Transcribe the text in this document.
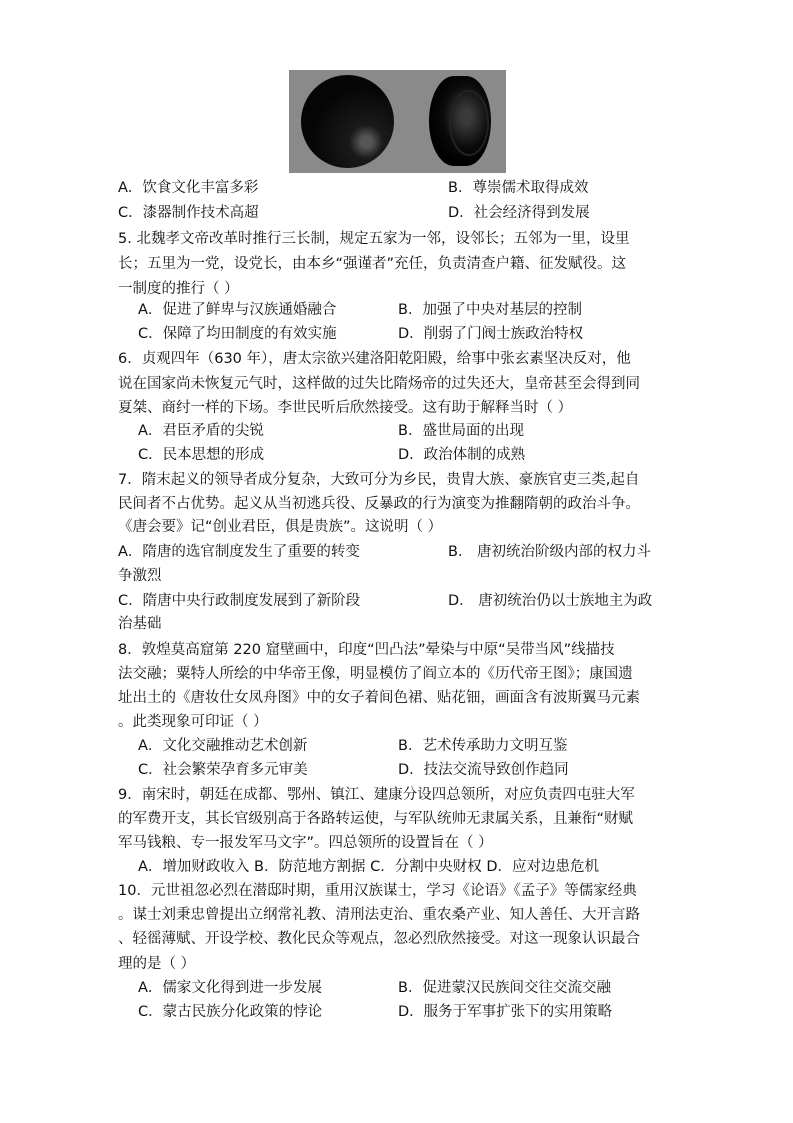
A．饮食文化丰富多彩	B．尊崇儒术取得成效
C．漆器制作技术高超	D．社会经济得到发展
5. 北魏孝文帝改革时推行三长制，规定五家为一邻，设邻长；五邻为一里，设里
长；五里为一党，设党长，由本乡“强谨者”充任，负责清查户籍、征发赋役。这
一制度的推行（ ）
A．促进了鲜卑与汉族通婚融合	B．加强了中央对基层的控制
C．保障了均田制度的有效实施	D．削弱了门阀士族政治特权
6．贞观四年（630 年），唐太宗欲兴建洛阳乾阳殿，给事中张玄素坚决反对，他
说在国家尚未恢复元气时，这样做的过失比隋炀帝的过失还大，皇帝甚至会得到同
夏桀、商纣一样的下场。李世民听后欣然接受。这有助于解释当时（ ）
A．君臣矛盾的尖锐	B．盛世局面的出现
C．民本思想的形成	D．政治体制的成熟
7．隋末起义的领导者成分复杂，大致可分为乡民，贵胄大族、豪族官吏三类,起自
民间者不占优势。起义从当初逃兵役、反暴政的行为演变为推翻隋朝的政治斗争。
《唐会要》记“创业君臣，俱是贵族”。这说明（ ）
A．隋唐的选官制度发生了重要的转变	B． 唐初统治阶级内部的权力斗
争激烈
C．隋唐中央行政制度发展到了新阶段	D． 唐初统治仍以士族地主为政
治基础
8．敦煌莫高窟第 220 窟壁画中，印度“凹凸法”晕染与中原“吴带当风”线描技
法交融；粟特人所绘的中华帝王像，明显模仿了阎立本的《历代帝王图》；康国遗
址出土的《唐妆仕女凤舟图》中的女子着间色裙、贴花钿，画面含有波斯翼马元素
。此类现象可印证（ ）
A．文化交融推动艺术创新	B．艺术传承助力文明互鉴
C．社会繁荣孕育多元审美	D．技法交流导致创作趋同
9．南宋时，朝廷在成都、鄂州、镇江、建康分设四总领所，对应负责四屯驻大军
的军费开支，其长官级别高于各路转运使，与军队统帅无隶属关系，且兼衔“财赋
军马钱粮、专一报发军马文字”。四总领所的设置旨在（ ）
A．增加财政收入 B．防范地方割据 C．分割中央财权 D．应对边患危机
10．元世祖忽必烈在潜邸时期，重用汉族谋士，学习《论语》《孟子》等儒家经典
。谋士刘秉忠曾提出立纲常礼教、清刑法吏治、重农桑产业、知人善任、大开言路
、轻徭薄赋、开设学校、教化民众等观点，忽必烈欣然接受。对这一现象认识最合
理的是（ ）
A．儒家文化得到进一步发展	B．促进蒙汉民族间交往交流交融
C．蒙古民族分化政策的悖论	D．服务于军事扩张下的实用策略
